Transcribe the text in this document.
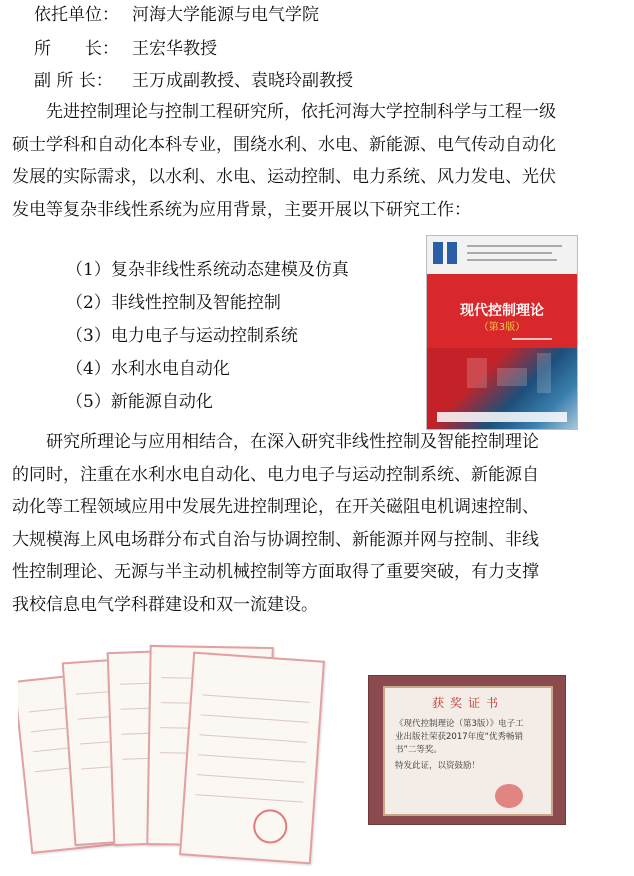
依托单位： 河海大学能源与电气学院
所　　长： 王宏华教授
副 所 长： 王万成副教授、袁晓玲副教授
　　先进控制理论与控制工程研究所，依托河海大学控制科学与工程一级
硕士学科和自动化本科专业，围绕水利、水电、新能源、电气传动自动化
发展的实际需求，以水利、水电、运动控制、电力系统、风力发电、光伏
发电等复杂非线性系统为应用背景，主要开展以下研究工作：
（1）复杂非线性系统动态建模及仿真
（2）非线性控制及智能控制
（3）电力电子与运动控制系统
（4）水利水电自动化
（5）新能源自动化
现代控制理论
（第3版）
　　研究所理论与应用相结合，在深入研究非线性控制及智能控制理论
的同时，注重在水利水电自动化、电力电子与运动控制系统、新能源自
动化等工程领域应用中发展先进控制理论，在开关磁阻电机调速控制、
大规模海上风电场群分布式自治与协调控制、新能源并网与控制、非线
性控制理论、无源与半主动机械控制等方面取得了重要突破，有力支撑
我校信息电气学科群建设和双一流建设。
获奖证书
《现代控制理论（第3版）》电子工
业出版社荣获2017年度“优秀畅销
书”二等奖。
特发此证，以资鼓励！
